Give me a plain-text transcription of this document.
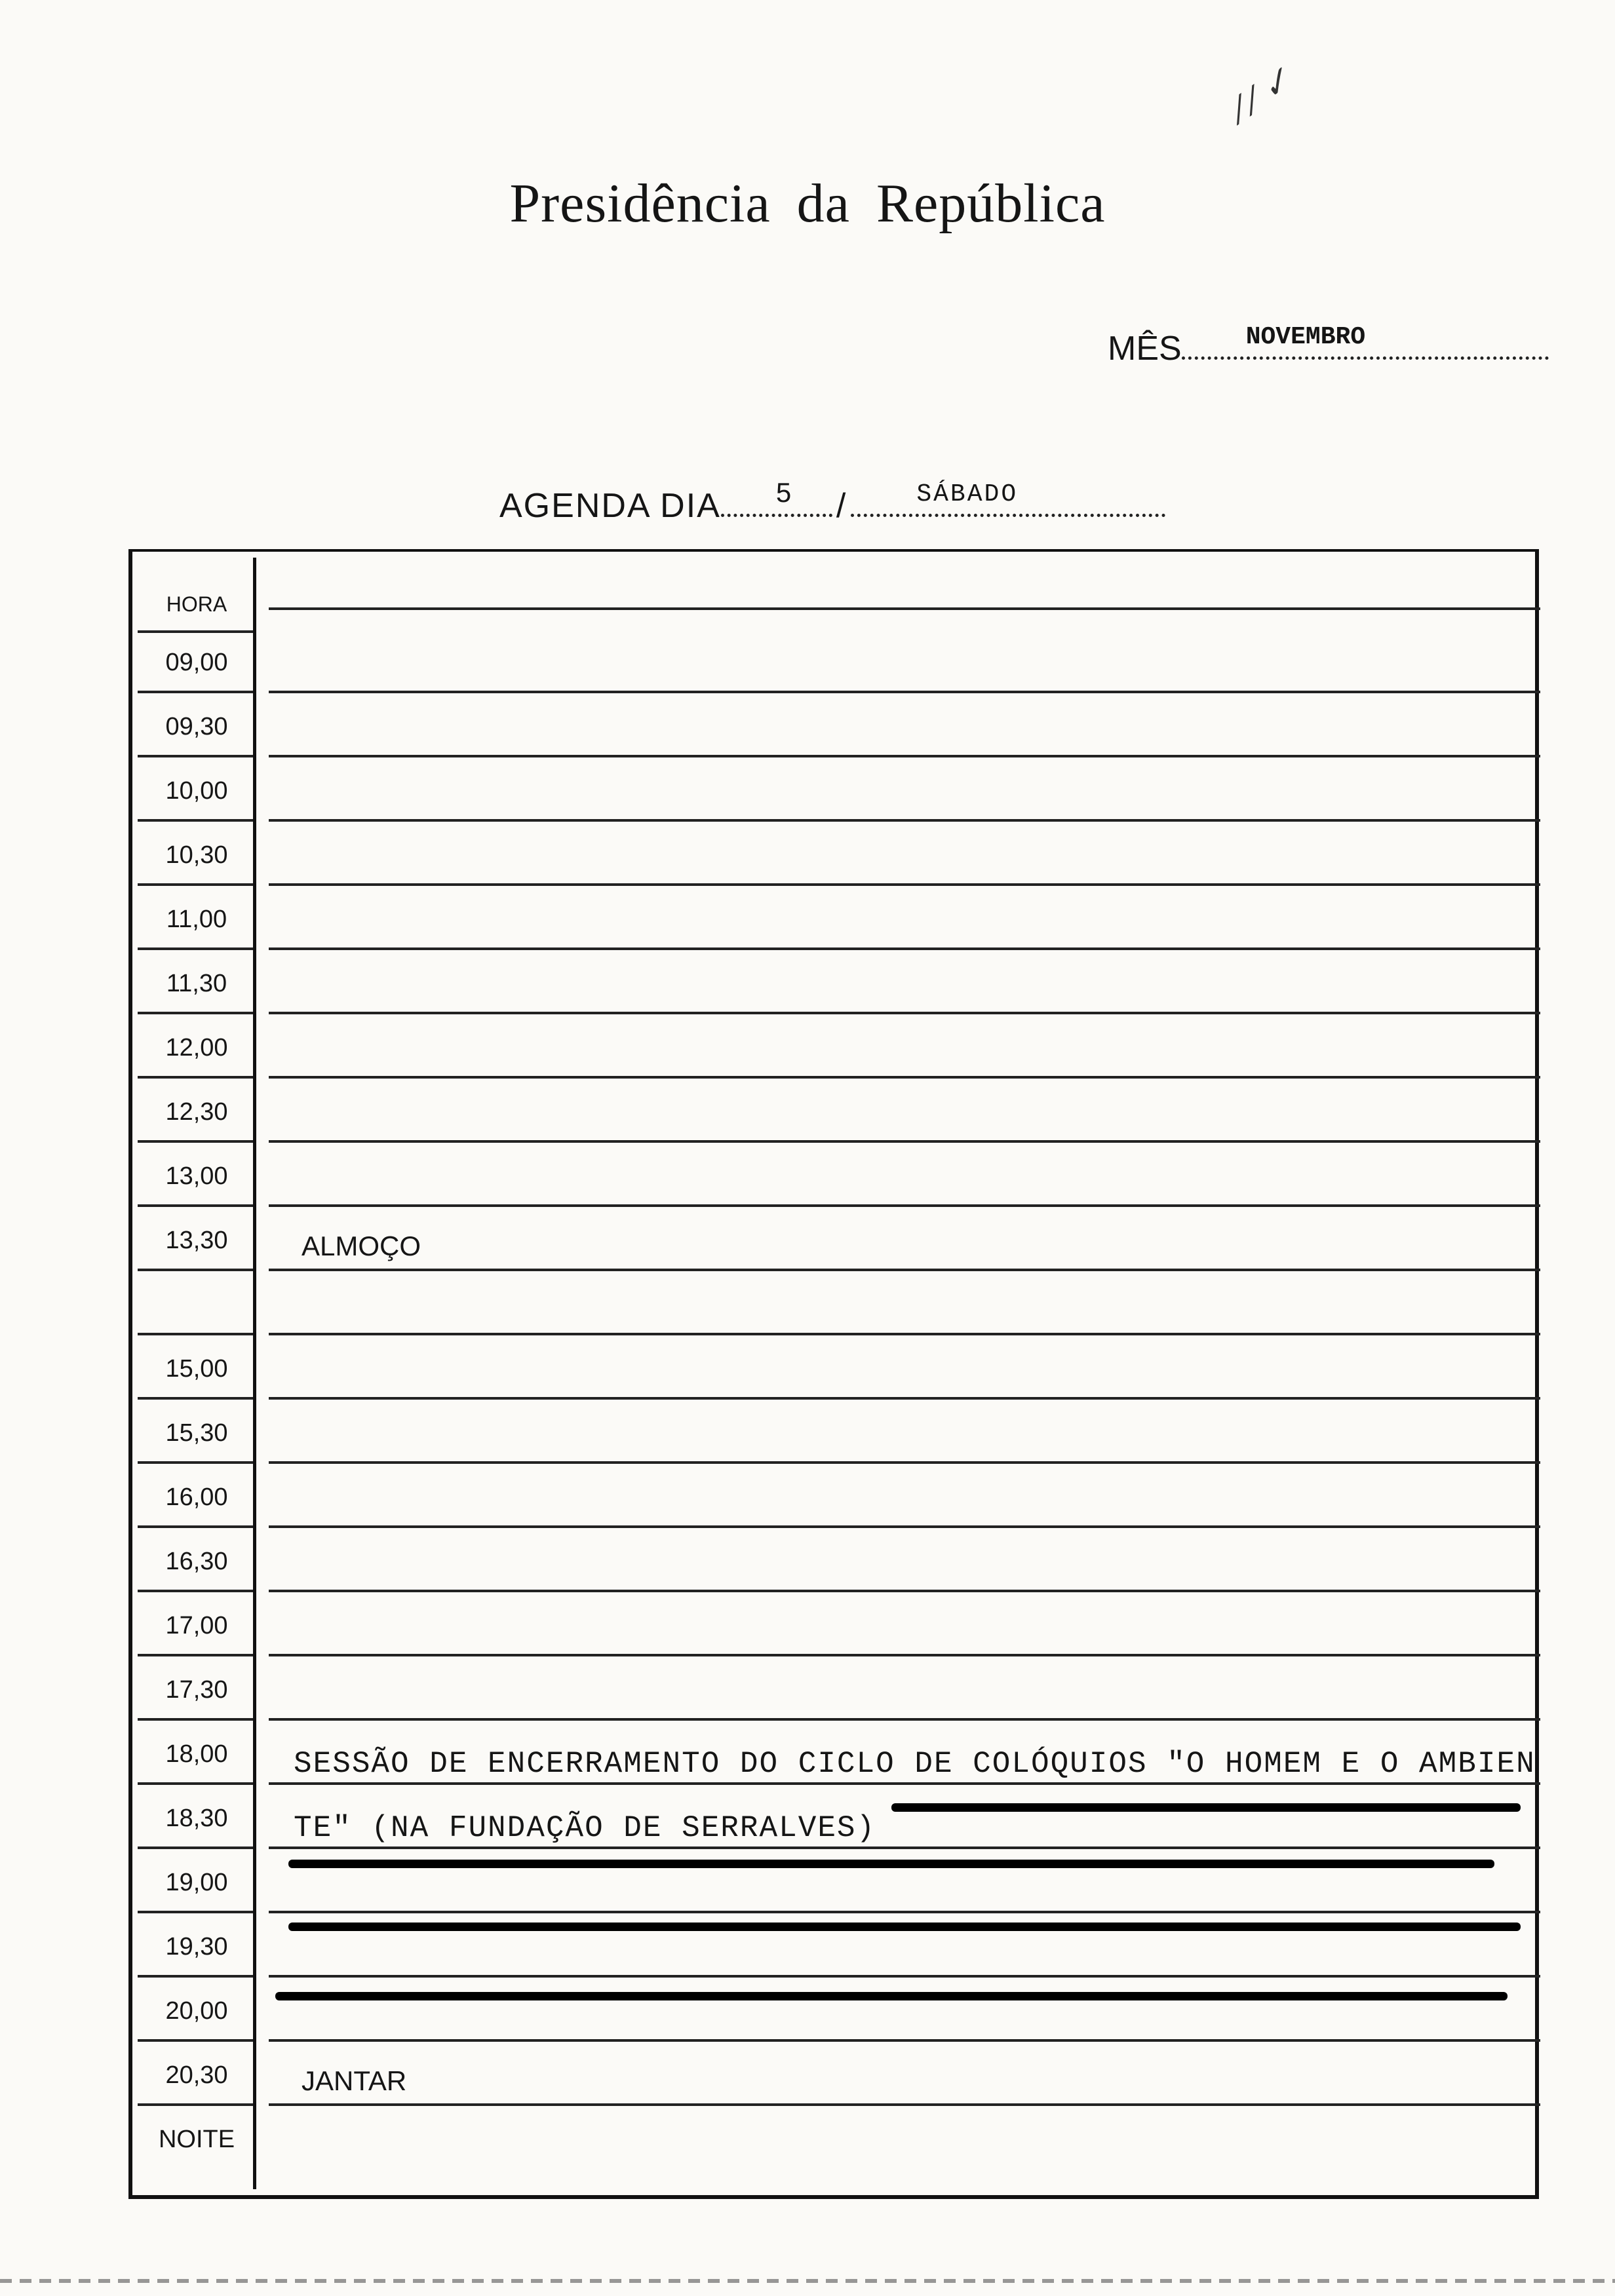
⁄ ⁄ ✓
Presidência da República
MÊS	NOVEMBRO
AGENDA DIA 5 /	SÁBADO
HORA
09,00
09,30
10,00
10,30
11,00
11,30
12,00
12,30
13,00
13,30	ALMOÇO
15,00
15,30
16,00
16,30
17,00
17,30
18,00	SESSÃO DE ENCERRAMENTO DO CICLO DE COLÓQUIOS "O HOMEM E O AMBIEN
18,30	TE" (NA FUNDAÇÃO DE SERRALVES)
19,00
19,30
20,00
20,30	JANTAR
NOITE
